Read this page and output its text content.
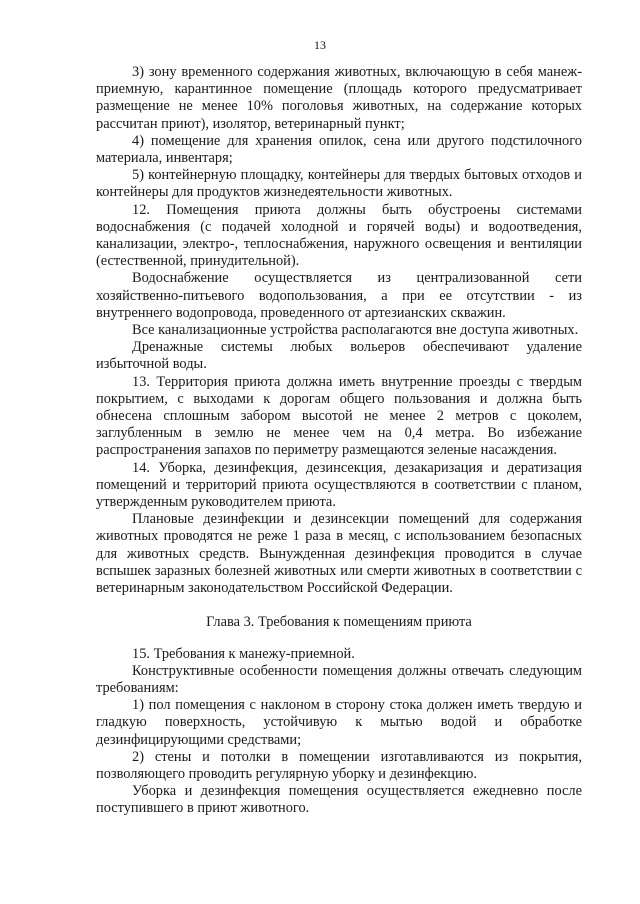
13

3) зону временного содержания животных, включающую в себя манеж-приемную, карантинное помещение (площадь которого предусматривает размещение не менее 10% поголовья животных, на содержание которых рассчитан приют), изолятор, ветеринарный пункт;

4) помещение для хранения опилок, сена или другого подстилочного материала, инвентаря;

5) контейнерную площадку, контейнеры для твердых бытовых отходов и контейнеры для продуктов жизнедеятельности животных.

12. Помещения приюта должны быть обустроены системами водоснабжения (с подачей холодной и горячей воды) и водоотведения, канализации, электро-, теплоснабжения, наружного освещения и вентиляции (естественной, принудительной).

Водоснабжение осуществляется из централизованной сети хозяйственно-питьевого водопользования, а при ее отсутствии - из внутреннего водопровода, проведенного от артезианских скважин.

Все канализационные устройства располагаются вне доступа животных.

Дренажные системы любых вольеров обеспечивают удаление избыточной воды.

13. Территория приюта должна иметь внутренние проезды с твердым покрытием, с выходами к дорогам общего пользования и должна быть обнесена сплошным забором высотой не менее 2 метров с цоколем, заглубленным в землю не менее чем на 0,4 метра. Во избежание распространения запахов по периметру размещаются зеленые насаждения.

14. Уборка, дезинфекция, дезинсекция, дезакаризация и дератизация помещений и территорий приюта осуществляются в соответствии с планом, утвержденным руководителем приюта.

Плановые дезинфекции и дезинсекции помещений для содержания животных проводятся не реже 1 раза в месяц, с использованием безопасных для животных средств. Вынужденная дезинфекция проводится в случае вспышек заразных болезней животных или смерти животных в соответствии с ветеринарным законодательством Российской Федерации.

Глава 3. Требования к помещениям приюта

15. Требования к манежу-приемной.

Конструктивные особенности помещения должны отвечать следующим требованиям:

1) пол помещения с наклоном в сторону стока должен иметь твердую и гладкую поверхность, устойчивую к мытью водой и обработке дезинфицирующими средствами;

2) стены и потолки в помещении изготавливаются из покрытия, позволяющего проводить регулярную уборку и дезинфекцию.

Уборка и дезинфекция помещения осуществляется ежедневно после поступившего в приют животного.
